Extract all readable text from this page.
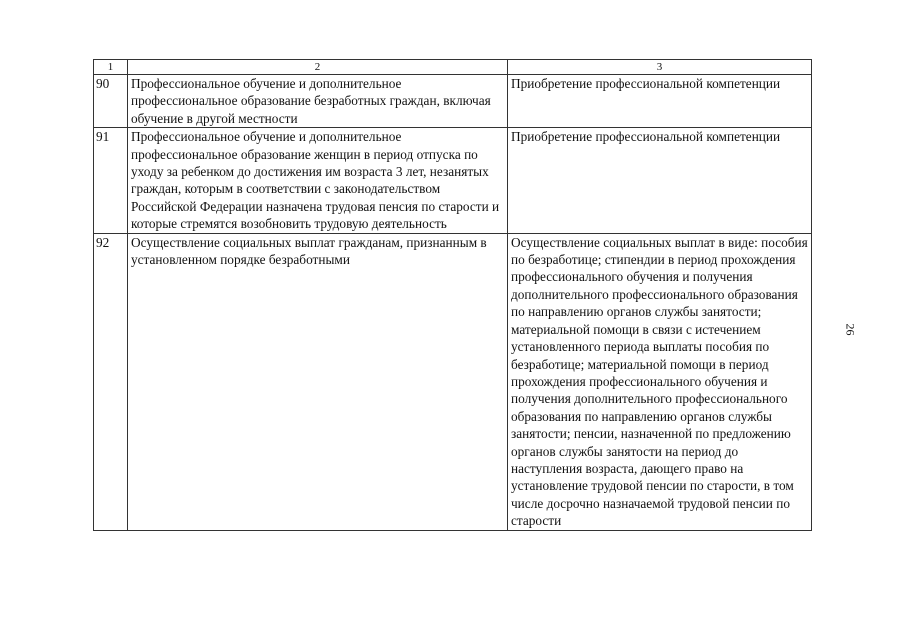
1	2	3
90	Профессиональное обучение и дополнительное профессиональное образование безработных граждан, включая обучение в другой местности	Приобретение профессиональной компетенции
91	Профессиональное обучение и дополнительное профессиональное образование женщин в период отпуска по уходу за ребенком до достижения им возраста 3 лет, незанятых граждан, которым в соответствии с законодательством Российской Федерации назначена трудовая пенсия по старости и которые стремятся возобновить трудовую деятельность	Приобретение профессиональной компетенции
92	Осуществление социальных выплат гражданам, признанным в установленном порядке безработными	Осуществление социальных выплат в виде: пособия по безработице; стипендии в период прохождения профессионального обучения и получения дополнительного профессионального образования по направлению органов службы занятости; материальной помощи в связи с истечением установленного периода выплаты пособия по безработице; материальной помощи в период прохождения профессионального обучения и получения дополнительного профессионального образования по направлению органов службы занятости; пенсии, назначенной по предложению органов службы занятости на период до наступления возраста, дающего право на установление трудовой пенсии по старости, в том числе досрочно назначаемой трудовой пенсии по старости
26
